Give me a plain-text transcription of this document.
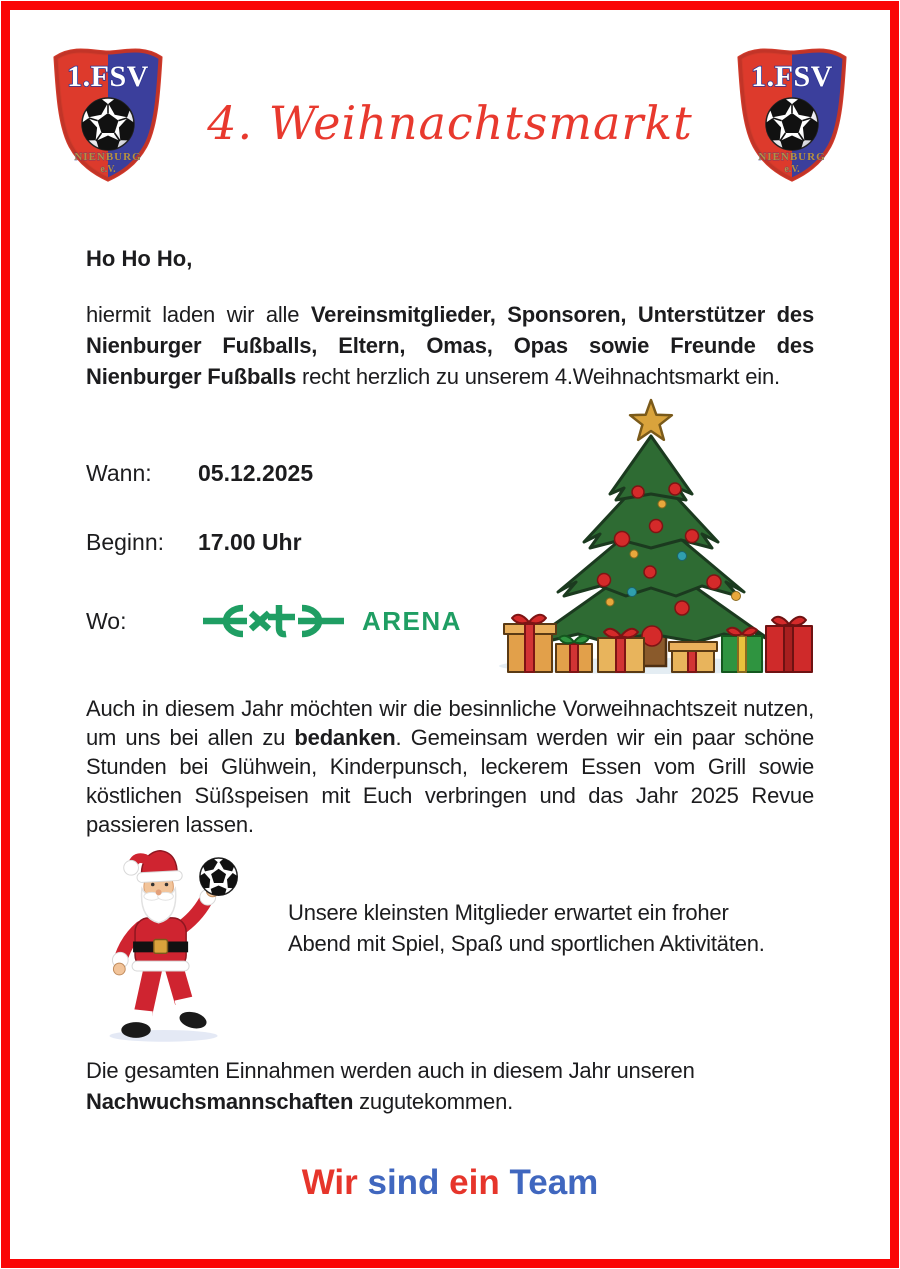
1.FSV
NIENBURG
e.V.
4. Weihnachtsmarkt
1.FSV
NIENBURG
e.V.

Ho Ho Ho,

hiermit laden wir alle Vereinsmitglieder, Sponsoren, Unterstützer des Nienburger Fußballs, Eltern, Omas, Opas sowie Freunde des Nienburger Fußballs recht herzlich zu unserem 4.Weihnachtsmarkt ein.

Wann:	05.12.2025
Beginn:	17.00 Uhr
Wo:	ARENA

Auch in diesem Jahr möchten wir die besinnliche Vorweihnachtszeit nutzen, um uns bei allen zu bedanken. Gemeinsam werden wir ein paar schöne Stunden bei Glühwein, Kinderpunsch, leckerem Essen vom Grill sowie köstlichen Süßspeisen mit Euch verbringen und das Jahr 2025 Revue passieren lassen.

Unsere kleinsten Mitglieder erwartet ein froher Abend mit Spiel, Spaß und sportlichen Aktivitäten.

Die gesamten Einnahmen werden auch in diesem Jahr unseren Nachwuchsmannschaften zugutekommen.

Wir sind ein Team
